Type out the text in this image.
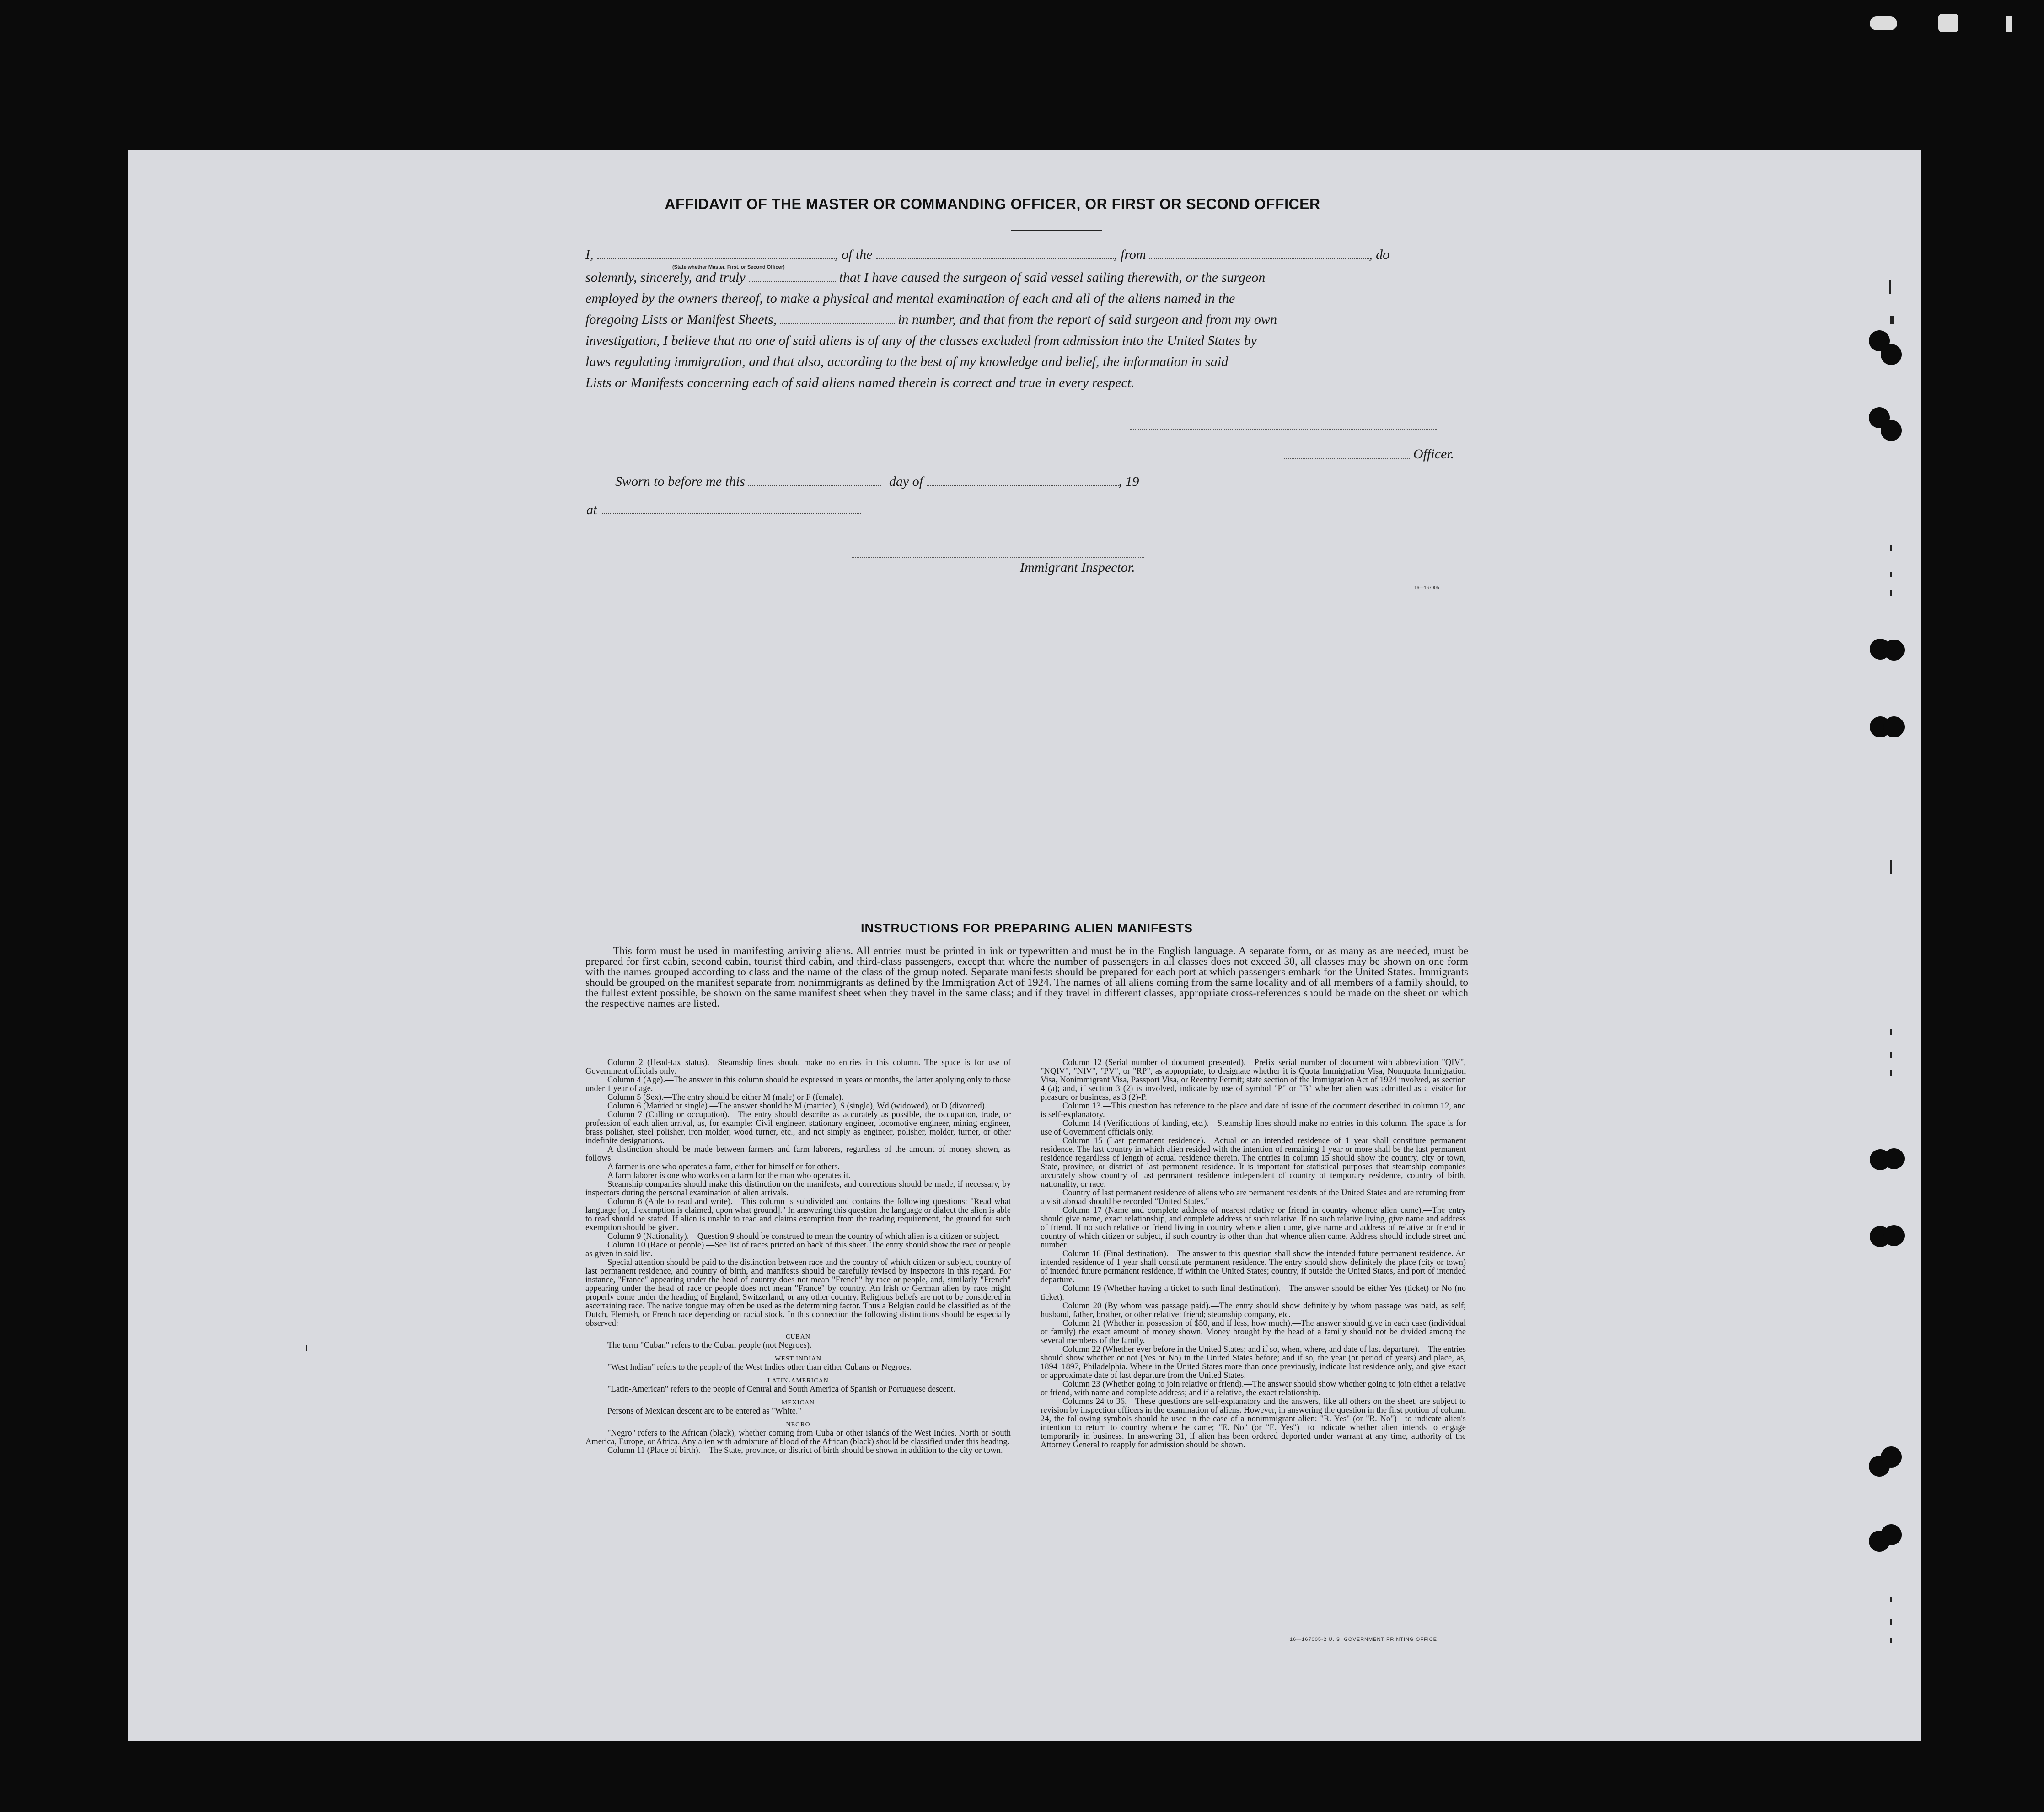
AFFIDAVIT OF THE MASTER OR COMMANDING OFFICER, OR FIRST OR SECOND OFFICER
I,	, of the	, from	, do
(State whether Master, First, or Second Officer)
solemnly, sincerely, and truly	that I have caused the surgeon of said vessel sailing therewith, or the surgeon
employed by the owners thereof, to make a physical and mental examination of each and all of the aliens named in the
foregoing Lists or Manifest Sheets,	in number, and that from the report of said surgeon and from my own
investigation, I believe that no one of said aliens is of any of the classes excluded from admission into the United States by
laws regulating immigration, and that also, according to the best of my knowledge and belief, the information in said
Lists or Manifests concerning each of said aliens named therein is correct and true in every respect.
Officer.
Sworn to before me this	day of	, 19
at
Immigrant Inspector.
16—167005
INSTRUCTIONS FOR PREPARING ALIEN MANIFESTS
This form must be used in manifesting arriving aliens. All entries must be printed in ink or typewritten and must be in the English language. A separate form, or as many as are needed, must be prepared for first cabin, second cabin, tourist third cabin, and third-class passengers, except that where the number of passengers in all classes does not exceed 30, all classes may be shown on one form with the names grouped according to class and the name of the class of the group noted. Separate manifests should be prepared for each port at which passengers embark for the United States. Immigrants should be grouped on the manifest separate from nonimmigrants as defined by the Immigration Act of 1924. The names of all aliens coming from the same locality and of all members of a family should, to the fullest extent possible, be shown on the same manifest sheet when they travel in the same class; and if they travel in different classes, appropriate cross-references should be made on the sheet on which the respective names are listed.

Column 2 (Head-tax status).—Steamship lines should make no entries in this column. The space is for use of Government officials only.

Column 4 (Age).—The answer in this column should be expressed in years or months, the latter applying only to those under 1 year of age.

Column 5 (Sex).—The entry should be either M (male) or F (female).

Column 6 (Married or single).—The answer should be M (married), S (single), Wd (widowed), or D (divorced).

Column 7 (Calling or occupation).—The entry should describe as accurately as possible, the occupation, trade, or profession of each alien arrival, as, for example: Civil engineer, stationary engineer, locomotive engineer, mining engineer, brass polisher, steel polisher, iron molder, wood turner, etc., and not simply as engineer, polisher, molder, turner, or other indefinite designations.

A distinction should be made between farmers and farm laborers, regardless of the amount of money shown, as follows:

A farmer is one who operates a farm, either for himself or for others.

A farm laborer is one who works on a farm for the man who operates it.

Steamship companies should make this distinction on the manifests, and corrections should be made, if necessary, by inspectors during the personal examination of alien arrivals.

Column 8 (Able to read and write).—This column is subdivided and contains the following questions: "Read what language [or, if exemption is claimed, upon what ground]." In answering this question the language or dialect the alien is able to read should be stated. If alien is unable to read and claims exemption from the reading requirement, the ground for such exemption should be given.

Column 9 (Nationality).—Question 9 should be construed to mean the country of which alien is a citizen or subject.

Column 10 (Race or people).—See list of races printed on back of this sheet. The entry should show the race or people as given in said list.

Special attention should be paid to the distinction between race and the country of which citizen or subject, country of last permanent residence, and country of birth, and manifests should be carefully revised by inspectors in this regard. For instance, "France" appearing under the head of country does not mean "French" by race or people, and, similarly "French" appearing under the head of race or people does not mean "France" by country. An Irish or German alien by race might properly come under the heading of England, Switzerland, or any other country. Religious beliefs are not to be considered in ascertaining race. The native tongue may often be used as the determining factor. Thus a Belgian could be classified as of the Dutch, Flemish, or French race depending on racial stock. In this connection the following distinctions should be especially observed:

CUBAN

The term "Cuban" refers to the Cuban people (not Negroes).

WEST INDIAN

"West Indian" refers to the people of the West Indies other than either Cubans or Negroes.

LATIN-AMERICAN

"Latin-American" refers to the people of Central and South America of Spanish or Portuguese descent.

MEXICAN

Persons of Mexican descent are to be entered as "White."

NEGRO

"Negro" refers to the African (black), whether coming from Cuba or other islands of the West Indies, North or South America, Europe, or Africa. Any alien with admixture of blood of the African (black) should be classified under this heading.

Column 11 (Place of birth).—The State, province, or district of birth should be shown in addition to the city or town.

Column 12 (Serial number of document presented).—Prefix serial number of document with abbreviation "QIV", "NQIV", "NIV", "PV", or "RP", as appropriate, to designate whether it is Quota Immigration Visa, Nonquota Immigration Visa, Nonimmigrant Visa, Passport Visa, or Reentry Permit; state section of the Immigration Act of 1924 involved, as section 4 (a); and, if section 3 (2) is involved, indicate by use of symbol "P" or "B" whether alien was admitted as a visitor for pleasure or business, as 3 (2)-P.

Column 13.—This question has reference to the place and date of issue of the document described in column 12, and is self-explanatory.

Column 14 (Verifications of landing, etc.).—Steamship lines should make no entries in this column. The space is for use of Government officials only.

Column 15 (Last permanent residence).—Actual or an intended residence of 1 year shall constitute permanent residence. The last country in which alien resided with the intention of remaining 1 year or more shall be the last permanent residence regardless of length of actual residence therein. The entries in column 15 should show the country, city or town, State, province, or district of last permanent residence. It is important for statistical purposes that steamship companies accurately show country of last permanent residence independent of country of temporary residence, country of birth, nationality, or race.

Country of last permanent residence of aliens who are permanent residents of the United States and are returning from a visit abroad should be recorded "United States."

Column 17 (Name and complete address of nearest relative or friend in country whence alien came).—The entry should give name, exact relationship, and complete address of such relative. If no such relative living, give name and address of friend. If no such relative or friend living in country whence alien came, give name and address of relative or friend in country of which citizen or subject, if such country is other than that whence alien came. Address should include street and number.

Column 18 (Final destination).—The answer to this question shall show the intended future permanent residence. An intended residence of 1 year shall constitute permanent residence. The entry should show definitely the place (city or town) of intended future permanent residence, if within the United States; country, if outside the United States, and port of intended departure.

Column 19 (Whether having a ticket to such final destination).—The answer should be either Yes (ticket) or No (no ticket).

Column 20 (By whom was passage paid).—The entry should show definitely by whom passage was paid, as self; husband, father, brother, or other relative; friend; steamship company, etc.

Column 21 (Whether in possession of $50, and if less, how much).—The answer should give in each case (individual or family) the exact amount of money shown. Money brought by the head of a family should not be divided among the several members of the family.

Column 22 (Whether ever before in the United States; and if so, when, where, and date of last departure).—The entries should show whether or not (Yes or No) in the United States before; and if so, the year (or period of years) and place, as, 1894–1897, Philadelphia. Where in the United States more than once previously, indicate last residence only, and give exact or approximate date of last departure from the United States.

Column 23 (Whether going to join relative or friend).—The answer should show whether going to join either a relative or friend, with name and complete address; and if a relative, the exact relationship.

Columns 24 to 36.—These questions are self-explanatory and the answers, like all others on the sheet, are subject to revision by inspection officers in the examination of aliens. However, in answering the question in the first portion of column 24, the following symbols should be used in the case of a nonimmigrant alien: "R. Yes" (or "R. No")—to indicate alien's intention to return to country whence he came; "E. No" (or "E. Yes")—to indicate whether alien intends to engage temporarily in business. In answering 31, if alien has been ordered deported under warrant at any time, authority of the Attorney General to reapply for admission should be shown.

16—167005-2 U. S. GOVERNMENT PRINTING OFFICE
